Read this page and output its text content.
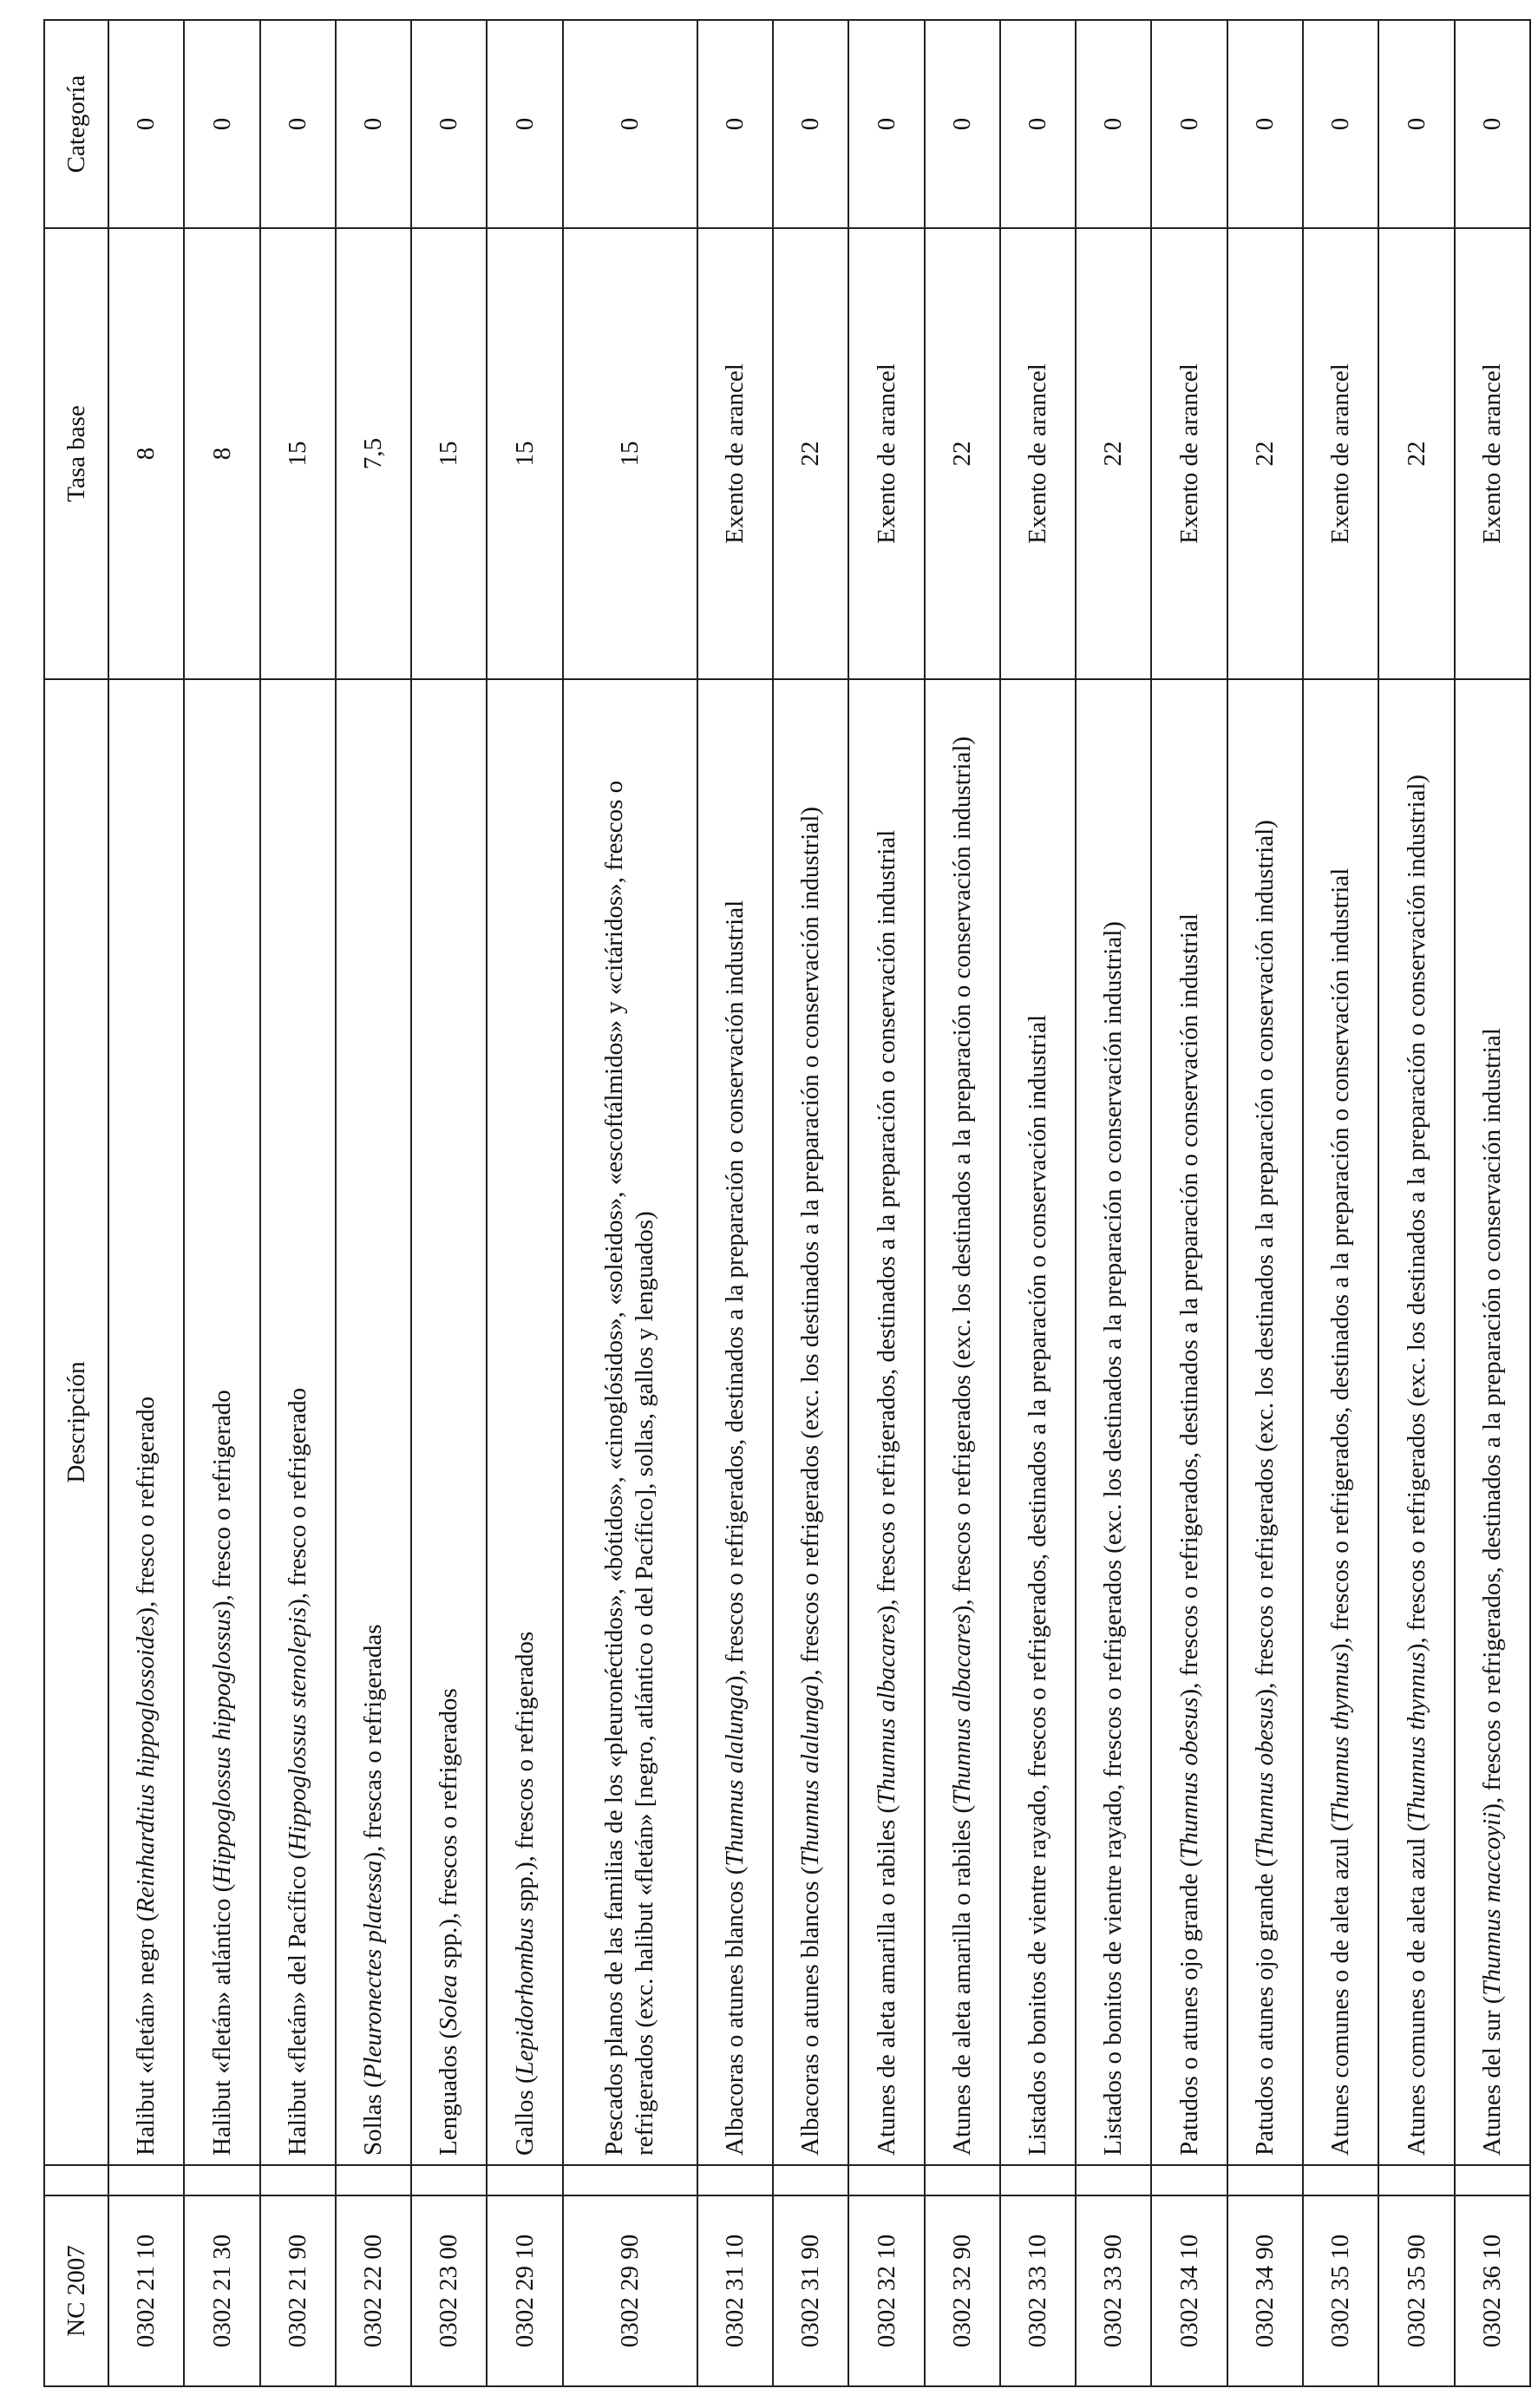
NC 2007		Descripción	Tasa base	Categoría
0302 21 10		Halibut «fletán» negro (Reinhardtius hippoglossoides), fresco o refrigerado	8	0
0302 21 30		Halibut «fletán» atlántico (Hippoglossus hippoglossus), fresco o refrigerado	8	0
0302 21 90		Halibut «fletán» del Pacífico (Hippoglossus stenolepis), fresco o refrigerado	15	0
0302 22 00		Sollas (Pleuronectes platessa), frescas o refrigeradas	7,5	0
0302 23 00		Lenguados (Solea spp.), frescos o refrigerados	15	0
0302 29 10		Gallos (Lepidorhombus spp.), frescos o refrigerados	15	0
0302 29 90		Pescados planos de las familias de los «pleuronéctidos», «bótidos», «cinoglósidos», «soleidos», «escoftálmidos» y «citáridos», frescos o refrigerados (exc. halibut «fletán» [negro, atlántico o del Pacífico], sollas, gallos y lenguados)	15	0
0302 31 10		Albacoras o atunes blancos (Thunnus alalunga), frescos o refrigerados, destinados a la preparación o conservación industrial	Exento de arancel	0
0302 31 90		Albacoras o atunes blancos (Thunnus alalunga), frescos o refrigerados (exc. los destinados a la preparación o conservación industrial)	22	0
0302 32 10		Atunes de aleta amarilla o rabiles (Thunnus albacares), frescos o refrigerados, destinados a la preparación o conservación industrial	Exento de arancel	0
0302 32 90		Atunes de aleta amarilla o rabiles (Thunnus albacares), frescos o refrigerados (exc. los destinados a la preparación o conservación industrial)	22	0
0302 33 10		Listados o bonitos de vientre rayado, frescos o refrigerados, destinados a la preparación o conservación industrial	Exento de arancel	0
0302 33 90		Listados o bonitos de vientre rayado, frescos o refrigerados (exc. los destinados a la preparación o conservación industrial)	22	0
0302 34 10		Patudos o atunes ojo grande (Thunnus obesus), frescos o refrigerados, destinados a la preparación o conservación industrial	Exento de arancel	0
0302 34 90		Patudos o atunes ojo grande (Thunnus obesus), frescos o refrigerados (exc. los destinados a la preparación o conservación industrial)	22	0
0302 35 10		Atunes comunes o de aleta azul (Thunnus thynnus), frescos o refrigerados, destinados a la preparación o conservación industrial	Exento de arancel	0
0302 35 90		Atunes comunes o de aleta azul (Thunnus thynnus), frescos o refrigerados (exc. los destinados a la preparación o conservación industrial)	22	0
0302 36 10		Atunes del sur (Thunnus maccoyii), frescos o refrigerados, destinados a la preparación o conservación industrial	Exento de arancel	0
